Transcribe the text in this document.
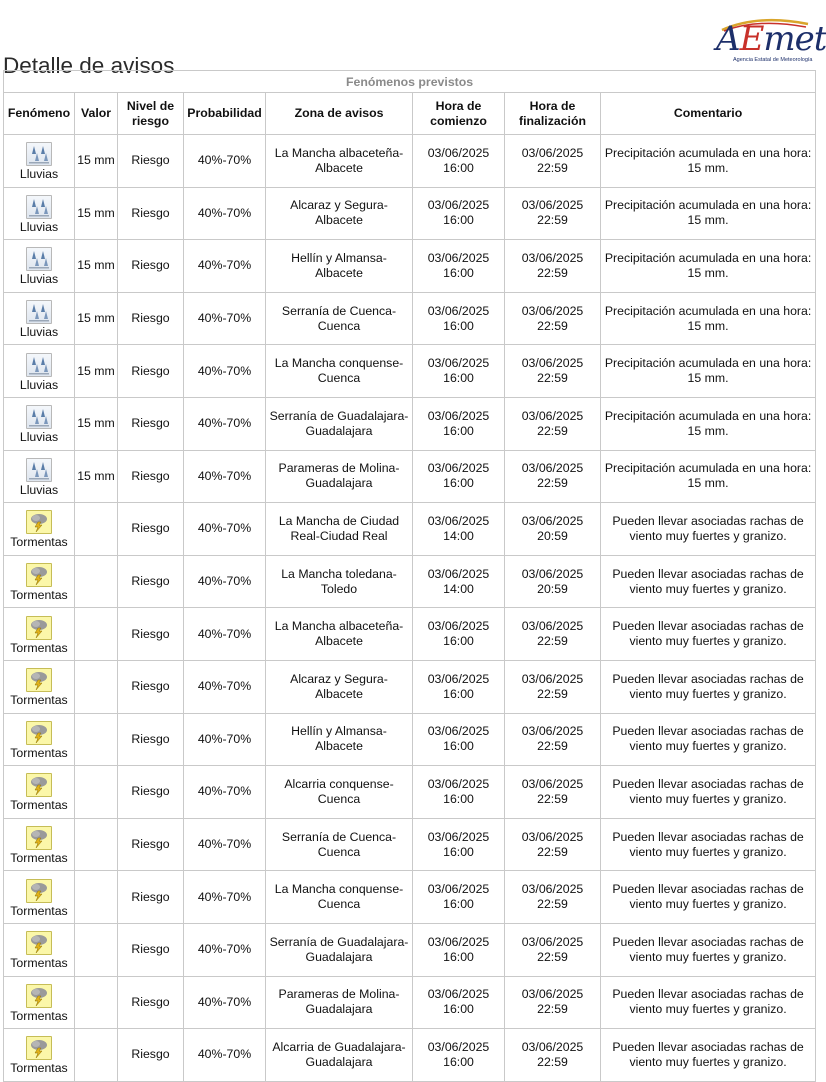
Detalle de avisos
AEmet
Agencia Estatal de Meteorología
Fenómenos previstos							
Fenómeno	Valor	Nivel de riesgo	Probabilidad	Zona de avisos	Hora de comienzo	Hora de finalización	Comentario

Lluvias	15 mm	Riesgo	40%-70%	La Mancha albaceteña-Albacete	03/06/2025 16:00	03/06/2025 22:59	Precipitación acumulada en una hora: 15 mm.

Lluvias	15 mm	Riesgo	40%-70%	Alcaraz y Segura-Albacete	03/06/2025 16:00	03/06/2025 22:59	Precipitación acumulada en una hora: 15 mm.

Lluvias	15 mm	Riesgo	40%-70%	Hellín y Almansa-Albacete	03/06/2025 16:00	03/06/2025 22:59	Precipitación acumulada en una hora: 15 mm.

Lluvias	15 mm	Riesgo	40%-70%	Serranía de Cuenca-Cuenca	03/06/2025 16:00	03/06/2025 22:59	Precipitación acumulada en una hora: 15 mm.

Lluvias	15 mm	Riesgo	40%-70%	La Mancha conquense-Cuenca	03/06/2025 16:00	03/06/2025 22:59	Precipitación acumulada en una hora: 15 mm.

Lluvias	15 mm	Riesgo	40%-70%	Serranía de Guadalajara-Guadalajara	03/06/2025 16:00	03/06/2025 22:59	Precipitación acumulada en una hora: 15 mm.

Lluvias	15 mm	Riesgo	40%-70%	Parameras de Molina-Guadalajara	03/06/2025 16:00	03/06/2025 22:59	Precipitación acumulada en una hora: 15 mm.

Tormentas		Riesgo	40%-70%	La Mancha de Ciudad Real-Ciudad Real	03/06/2025 14:00	03/06/2025 20:59	Pueden llevar asociadas rachas de viento muy fuertes y granizo.

Tormentas		Riesgo	40%-70%	La Mancha toledana-Toledo	03/06/2025 14:00	03/06/2025 20:59	Pueden llevar asociadas rachas de viento muy fuertes y granizo.

Tormentas		Riesgo	40%-70%	La Mancha albaceteña-Albacete	03/06/2025 16:00	03/06/2025 22:59	Pueden llevar asociadas rachas de viento muy fuertes y granizo.

Tormentas		Riesgo	40%-70%	Alcaraz y Segura-Albacete	03/06/2025 16:00	03/06/2025 22:59	Pueden llevar asociadas rachas de viento muy fuertes y granizo.

Tormentas		Riesgo	40%-70%	Hellín y Almansa-Albacete	03/06/2025 16:00	03/06/2025 22:59	Pueden llevar asociadas rachas de viento muy fuertes y granizo.

Tormentas		Riesgo	40%-70%	Alcarria conquense-Cuenca	03/06/2025 16:00	03/06/2025 22:59	Pueden llevar asociadas rachas de viento muy fuertes y granizo.

Tormentas		Riesgo	40%-70%	Serranía de Cuenca-Cuenca	03/06/2025 16:00	03/06/2025 22:59	Pueden llevar asociadas rachas de viento muy fuertes y granizo.

Tormentas		Riesgo	40%-70%	La Mancha conquense-Cuenca	03/06/2025 16:00	03/06/2025 22:59	Pueden llevar asociadas rachas de viento muy fuertes y granizo.

Tormentas		Riesgo	40%-70%	Serranía de Guadalajara-Guadalajara	03/06/2025 16:00	03/06/2025 22:59	Pueden llevar asociadas rachas de viento muy fuertes y granizo.

Tormentas		Riesgo	40%-70%	Parameras de Molina-Guadalajara	03/06/2025 16:00	03/06/2025 22:59	Pueden llevar asociadas rachas de viento muy fuertes y granizo.

Tormentas		Riesgo	40%-70%	Alcarria de Guadalajara-Guadalajara	03/06/2025 16:00	03/06/2025 22:59	Pueden llevar asociadas rachas de viento muy fuertes y granizo.
